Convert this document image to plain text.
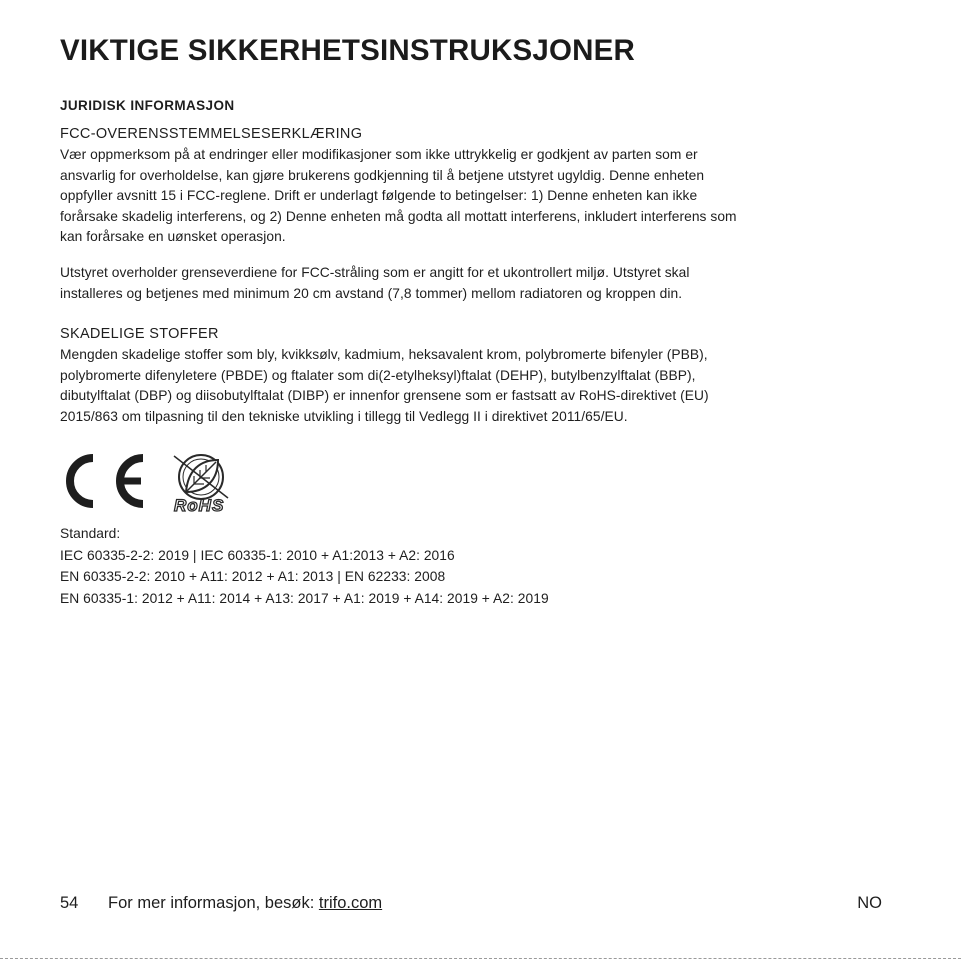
VIKTIGE SIKKERHETSINSTRUKSJONER
JURIDISK INFORMASJON

FCC-OVERENSSTEMMELSESERKLÆRING

Vær oppmerksom på at endringer eller modifikasjoner som ikke uttrykkelig er godkjent av parten som er

ansvarlig for overholdelse, kan gjøre brukerens godkjenning til å betjene utstyret ugyldig. Denne enheten

oppfyller avsnitt 15 i FCC-reglene. Drift er underlagt følgende to betingelser: 1) Denne enheten kan ikke

forårsake skadelig interferens, og 2) Denne enheten må godta all mottatt interferens, inkludert interferens som

kan forårsake en uønsket operasjon.

Utstyret overholder grenseverdiene for FCC-stråling som er angitt for et ukontrollert miljø. Utstyret skal

installeres og betjenes med minimum 20 cm avstand (7,8 tommer) mellom radiatoren og kroppen din.

SKADELIGE STOFFER

Mengden skadelige stoffer som bly, kvikksølv, kadmium, heksavalent krom, polybromerte bifenyler (PBB),

polybromerte difenyletere (PBDE) og ftalater som di(2-etylheksyl)ftalat (DEHP), butylbenzylftalat (BBP),

dibutylftalat (DBP) og diisobutylftalat (DIBP) er innenfor grensene som er fastsatt av RoHS-direktivet (EU)

2015/863 om tilpasning til den tekniske utvikling i tillegg til Vedlegg II i direktivet 2011/65/EU.

RoHS

Standard:

IEC 60335-2-2: 2019 | IEC 60335-1: 2010 + A1:2013 + A2: 2016

EN 60335-2-2: 2010 + A11: 2012 + A1: 2013 | EN 62233: 2008

EN 60335-1: 2012 + A11: 2014 + A13: 2017 + A1: 2019 + A14: 2019 + A2: 2019

54 For mer informasjon, besøk: trifo.com	NO
